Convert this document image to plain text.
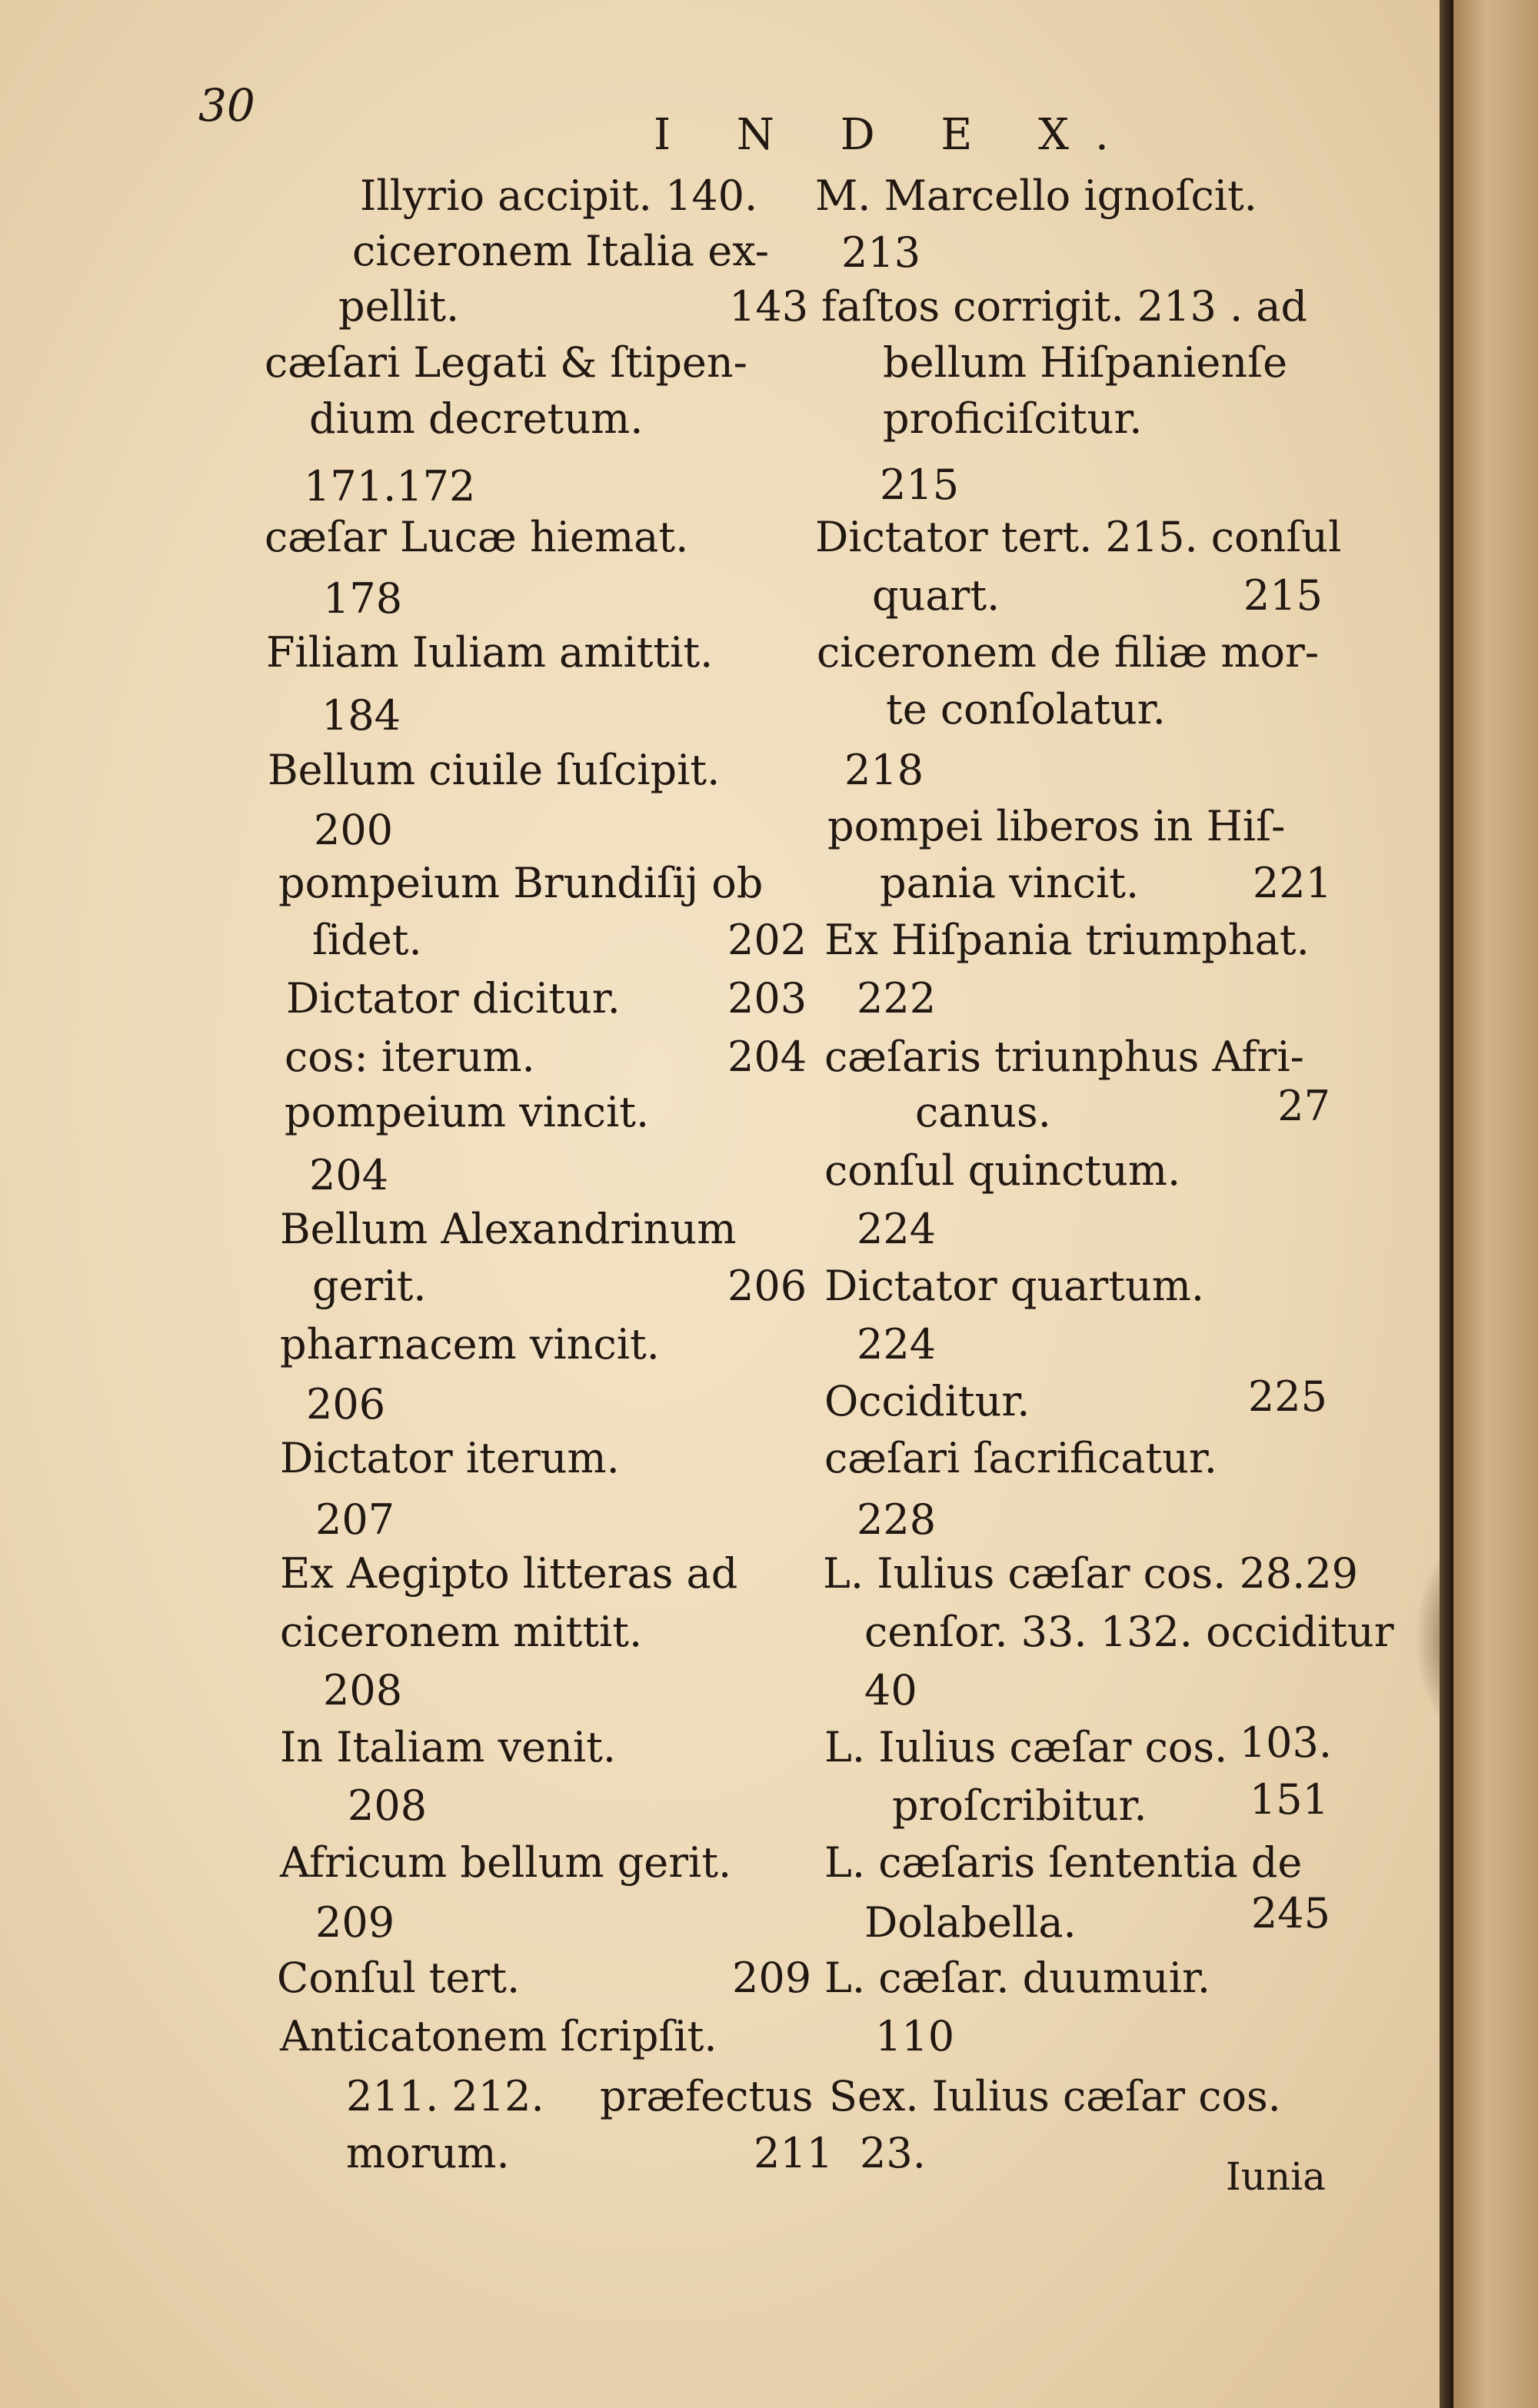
30
I N D E X.
Illyrio accipit. 140.
ciceronem Italia ex-
pellit.	143
cæſari Legati & ſtipen-
dium decretum.
171.172
cæſar Lucæ hiemat.
178
Filiam Iuliam amittit.
184
Bellum ciuile ſuſcipit.
200
pompeium Brundiſij ob
ſidet.	202
Dictator dicitur.	203
cos: iterum.	204
pompeium vincit.
204
Bellum Alexandrinum
gerit.	206
pharnacem vincit.
206
Dictator iterum.
207
Ex Aegipto litteras ad
ciceronem mittit.
208
In Italiam venit.
208
Africum bellum gerit.
209
Conſul tert.	209
Anticatonem ſcripſit.
211. 212. præfectus
morum.	211
M. Marcello ignoſcit.
213
faſtos corrigit. 213 . ad
bellum Hiſpanienſe
proficiſcitur.
215
Dictator tert. 215. conſul
quart.	215
ciceronem de filiæ mor-
te conſolatur.
218
pompei liberos in Hiſ-
pania vincit.	221
Ex Hiſpania triumphat.
222
cæſaris triunphus Afri-
canus.	27
conſul quinctum.
224
Dictator quartum.
224
Occiditur.	225
cæſari ſacrificatur.
228
L. Iulius cæſar cos. 28.29
cenſor. 33. 132. occiditur
40
L. Iulius cæſar cos. 103.
proſcribitur. 151
L. cæſaris ſententia de
Dolabella.	245
L. cæſar. duumuir.
110
Sex. Iulius cæſar cos.
23.	Iunia
